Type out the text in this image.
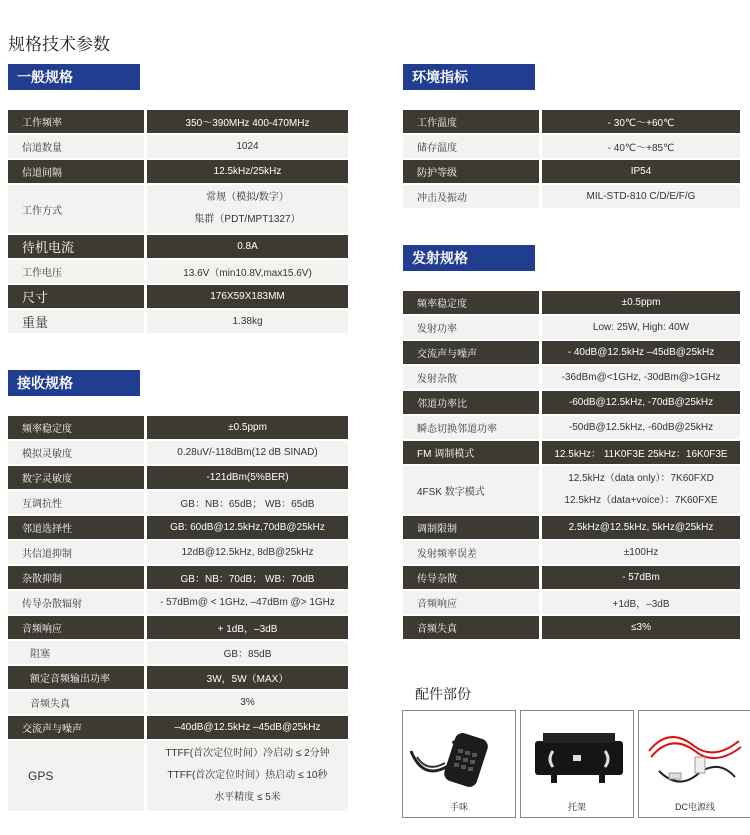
规格技术参数
一般规格
工作频率	350～390MHz 400-470MHz
信道数量	1024
信道间隔	12.5kHz/25kHz
工作方式
常规（模拟/数字）
集群（PDT/MPT1327）
待机电流	0.8A
工作电压	13.6V（min10.8V,max15.6V)
尺寸	176X59X183MM
重量	1.38kg
接收规格
频率稳定度	±0.5ppm
模拟灵敏度	0.28uV/-118dBm(12 dB SINAD)
数字灵敏度	-121dBm(5%BER)
互调抗性	GB：NB：65dB； WB：65dB
邻道选择性	GB: 60dB@12.5kHz,70dB@25kHz
共信道抑制	12dB@12.5kHz, 8dB@25kHz
杂散抑制	GB：NB：70dB； WB：70dB
传导杂散辐射	- 57dBm@ < 1GHz, –47dBm @> 1GHz
音频响应	+ 1dB，–3dB
阻塞	GB：85dB
额定音频输出功率	3W，5W（MAX）
音频失真	3%
交流声与噪声	–40dB@12.5kHz –45dB@25kHz
GPS
TTFF(首次定位时间）冷启动 ≤ 2分钟
TTFF(首次定位时间）热启动 ≤ 10秒
水平精度 ≤ 5米
环境指标
工作温度	- 30℃～+60℃
储存温度	- 40℃～+85℃
防护等级	IP54
冲击及振动	MIL-STD-810 C/D/E/F/G
发射规格
频率稳定度	±0.5ppm
发射功率	Low: 25W, High: 40W
交流声与噪声	- 40dB@12.5kHz –45dB@25kHz
发射杂散	-36dBm@<1GHz, -30dBm@>1GHz
邻道功率比	-60dB@12.5kHz, -70dB@25kHz
瞬态切换邻道功率	-50dB@12.5kHz, -60dB@25kHz
FM 调制模式	12.5kHz： 11K0F3E 25kHz：16K0F3E
4FSK 数字模式
12.5kHz（data only）：7K60FXD
12.5kHz（data+voice）：7K60FXE
调制限制	2.5kHz@12.5kHz, 5kHz@25kHz
发射频率误差	±100Hz
传导杂散	- 57dBm
音频响应	+1dB，–3dB
音频失真	≤3%
配件部份
手咪	托架	DC电源线
